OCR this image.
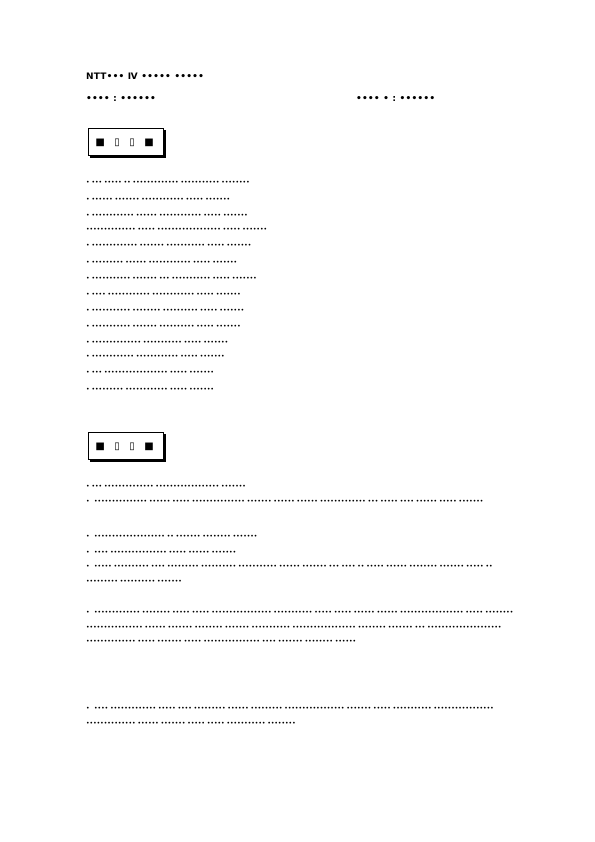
NTT••• Ⅳ ••••• •••••
•••• : ••••••	•••• • : ••••••
■ ▯ ▯ ■
• ••• ••••• •• ••••••••••••• ••••••••••• ••••••••
• •••••• ••••••• •••••••••••• ••••• •••••••
• •••••••••••• •••••• •••••••••••• ••••• •••••••
•••••••••••••• ••••• •••••••••••••••••• ••••• •••••••
• ••••••••••••• ••••••• ••••••••••• ••••• •••••••
• ••••••••• •••••• •••••••••••• ••••• •••••••
• ••••••••••• ••••••• ••• ••••••••••• ••••• •••••••
• •••• •••••••••••• •••••••••••• ••••• •••••••
• ••••••••••• •••••••• •••••••••• ••••• •••••••
• ••••••••••• ••••••• •••••••••• ••••• •••••••
• •••••••••••••• ••••••••••• ••••• •••••••
• •••••••••••• •••••••••••• ••••• •••••••
• ••• •••••••••••••••••• ••••• •••••••
• ••••••••• •••••••••••• ••••• •••••••
■ ▯ ▯ ■
• ••• •••••••••••••• •••••••••••••••••• •••••••
• ••••••••••••••• •••••• ••••• ••••••••••••••• ••••••• •••••• •••••• ••••••••••••• ••• ••••• •••• •••••• ••••• •••••••
• •••••••••••••••••••• •• ••••••• •••••••• •••••••
• •••• •••••••••••••••• ••••• •••••• •••••••
• ••••• •••••••••• •••• ••••••••• •••••••••• ••••••••••• •••••• ••••••• ••• •••• •• ••••• •••••• •••••••• ••••••• ••••• •• ••••••••• •••••••••• •••••••
• ••••••••••••• •••••••• ••••• ••••• ••••••••••••••••• ••••••••••• ••••• ••••• •••••• •••••• •••••••••••••••••• ••••• •••••••• •••••••••••••••• •••••• ••••••• •••••••• ••••••• ••••••••••• •••••••••••••••••• •••••••• ••••••• ••• ••••••••••••••••••••• •••••••••••••• ••••• ••••••• ••••• •••••••••••••••• •••• ••••••• •••••••• ••••••
• •••• ••••••••••••• ••••• •••• ••••••••• •••••• ••••••••• ••••••••••••••••• ••••••• ••••• ••••••••••• ••••••••••••••••• •••••••••••••• •••••• ••••••• ••••• ••••• ••••••••••• ••••••••
